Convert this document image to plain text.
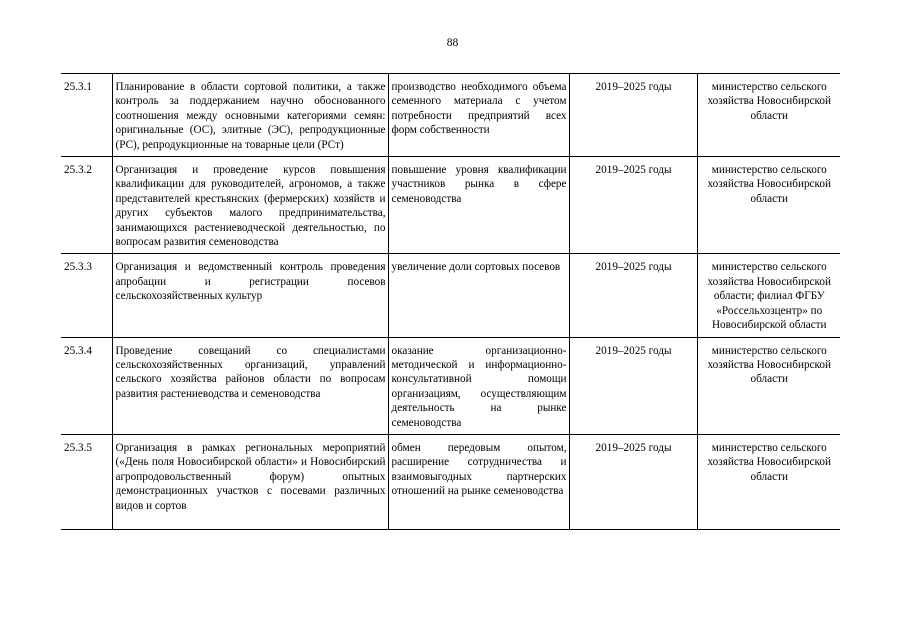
88
25.3.1	Планирование в области сортовой политики, а также контроль за поддержанием научно обоснованного соотношения между основными категориями семян: оригинальные (ОС), элитные (ЭС), репродукционные (РС), репродукционные на товарные цели (РСт)	производство необходимого объема семенного материала с учетом потребности предприятий всех форм собственности	2019–2025 годы	министерство сельского хозяйства Новосибирской области
25.3.2	Организация и проведение курсов повышения квалификации для руководителей, агрономов, а также представителей крестьянских (фермерских) хозяйств и других субъектов малого предпринимательства, занимающихся растениеводческой деятельностью, по вопросам развития семеноводства	повышение уровня квалификации участников рынка в сфере семеноводства	2019–2025 годы	министерство сельского хозяйства Новосибирской области
25.3.3	Организация и ведомственный контроль проведения апробации и регистрации посевов сельскохозяйственных культур	увеличение доли сортовых посевов	2019–2025 годы	министерство сельского хозяйства Новосибирской области; филиал ФГБУ «Россельхозцентр» по Новосибирской области
25.3.4	Проведение совещаний со специалистами сельскохозяйственных организаций, управлений сельского хозяйства районов области по вопросам развития растениеводства и семеноводства	оказание организационно-методической и информационно-консультативной помощи организациям, осуществляющим деятельность на рынке семеноводства	2019–2025 годы	министерство сельского хозяйства Новосибирской области

25.3.5	Организация в рамках региональных мероприятий («День поля Новосибирской области» и Новосибирский агропродовольственный форум) опытных демонстрационных участков с посевами различных видов и сортов	обмен передовым опытом, расширение сотрудничества и взаимовыгодных партнерских отношений на рынке семеноводства	2019–2025 годы	министерство сельского хозяйства Новосибирской области
